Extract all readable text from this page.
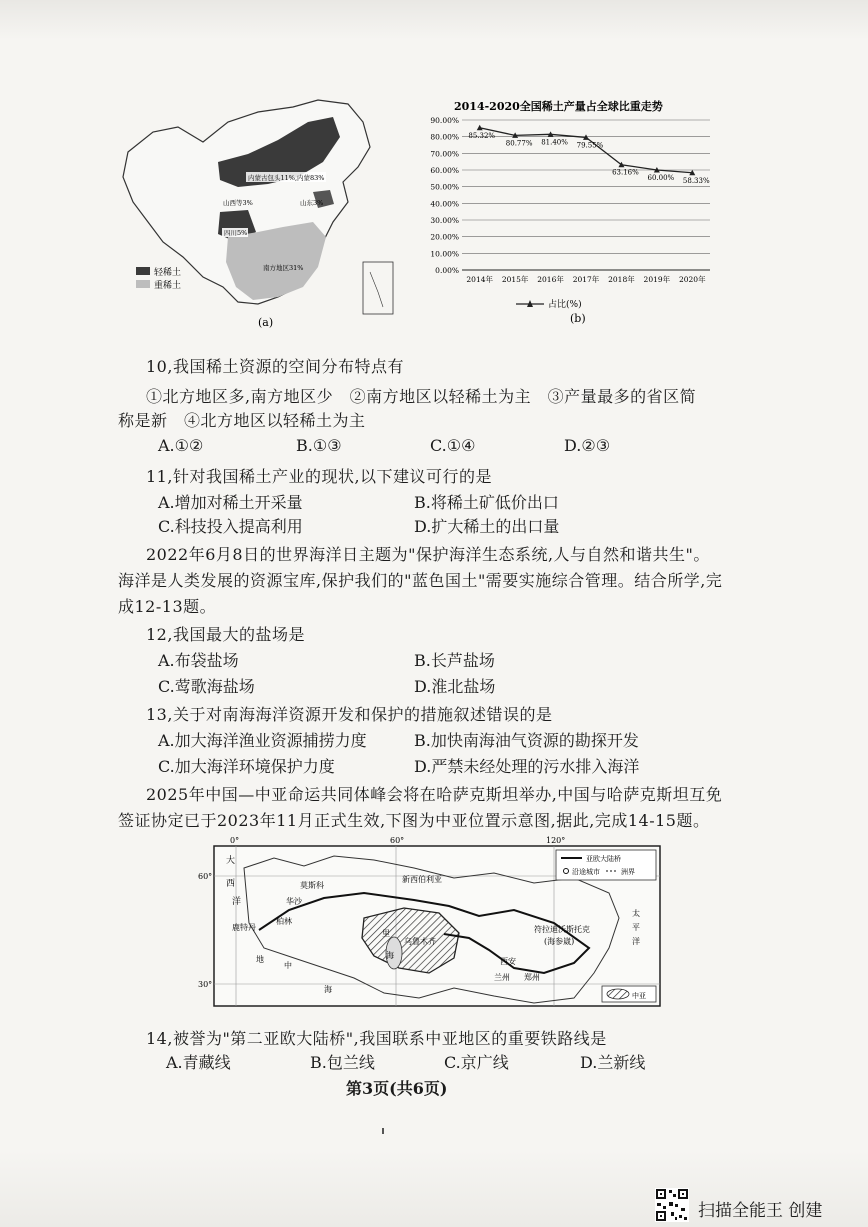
内蒙古包头11%,内蒙83%
山西等3%	山东3%
四川5%
南方地区31%
轻稀土
重稀土
(a)
2014-2020全国稀土产量占全球比重走势
0.00%
10.00%
20.00%
30.00%
40.00%
50.00%
60.00%
70.00%
80.00%
90.00%
2014年 2015年 2016年 2017年 2018年 2019年 2020年
85.32%
80.77% 81.40% 79.55%
63.16%
60.00% 58.33%
占比(%)
(b)
10,我国稀土资源的空间分布特点有
①北方地区多,南方地区少　②南方地区以轻稀土为主　③产量最多的省区简
称是新　④北方地区以轻稀土为主
A.①②	B.①③	C.①④	D.②③
11,针对我国稀土产业的现状,以下建议可行的是
A.增加对稀土开采量	B.将稀土矿低价出口
C.科技投入提高利用	D.扩大稀土的出口量
2022年6月8日的世界海洋日主题为"保护海洋生态系统,人与自然和谐共生"。
海洋是人类发展的资源宝库,保护我们的"蓝色国土"需要实施综合管理。结合所学,完
成12-13题。
12,我国最大的盐场是
A.布袋盐场	B.长芦盐场
C.莺歌海盐场	D.淮北盐场
13,关于对南海海洋资源开发和保护的措施叙述错误的是
A.加大海洋渔业资源捕捞力度	B.加快南海油气资源的勘探开发
C.加大海洋环境保护力度	D.严禁未经处理的污水排入海洋
2025年中国—中亚命运共同体峰会将在哈萨克斯坦举办,中国与哈萨克斯坦互免
签证协定已于2023年11月正式生效,下图为中亚位置示意图,据此,完成14-15题。
0°	60°	120°
60°
30°
大
西
洋
莫斯科
华沙
柏林
鹿特丹
地
中
海
新西伯利亚
乌鲁木齐
符拉迪沃斯托克
(海参崴)
太
平
洋
西安
兰州 郑州
里
海
亚欧大陆桥
沿途城市	洲界
中亚
14,被誉为"第二亚欧大陆桥",我国联系中亚地区的重要铁路线是
A.青藏线	B.包兰线	C.京广线	D.兰新线
第3页(共6页)
扫描全能王 创建
